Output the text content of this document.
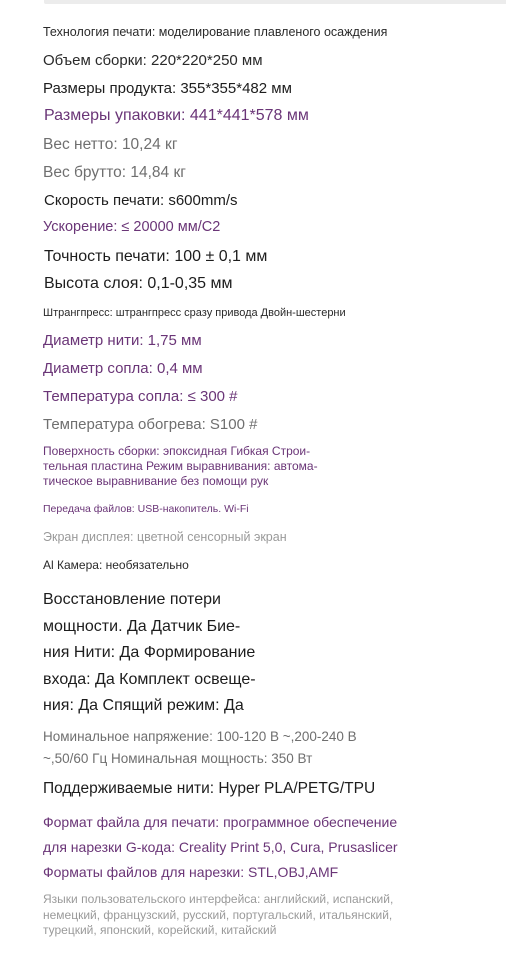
Технология печати: моделирование плавленого осаждения

Объем сборки: 220*220*250 мм

Размеры продукта: 355*355*482 мм

Размеры упаковки: 441*441*578 мм

Вес нетто: 10,24 кг

Вес брутто: 14,84 кг

Скорость печати: s600mm/s

Ускорение: ≤ 20000 мм/С2

Точность печати: 100 ± 0,1 мм

Высота слоя: 0,1-0,35 мм

Штрангпресс: штрангпресс сразу привода Двойн-шестерни

Диаметр нити: 1,75 мм

Диаметр сопла: 0,4 мм

Температура сопла: ≤ 300 #

Температура обогрева: S100 #

Поверхность сборки: эпоксидная Гибкая Строи-
тельная пластина Режим выравнивания: автома-
тическое выравнивание без помощи рук

Передача файлов: USB-накопитель. Wi-Fi

Экран дисплея: цветной сенсорный экран

Al Камера: необязательно

Восстановление потери
мощности. Да Датчик Бие-
ния Нити: Да Формирование
входа: Да Комплект освеще-
ния: Да Спящий режим: Да
Номинальное напряжение: 100-120 В ~,200-240 В
~,50/60 Гц Номинальная мощность: 350 Вт

Поддерживаемые нити: Hyper PLA/PETG/TPU

Формат файла для печати: программное обеспечение
для нарезки G-кода: Creality Print 5,0, Cura, Prusaslicer
Форматы файлов для нарезки: STL,OBJ,AMF
Языки пользовательского интерфейса: английский, испанский,
немецкий, французский, русский, португальский, итальянский,
турецкий, японский, корейский, китайский
